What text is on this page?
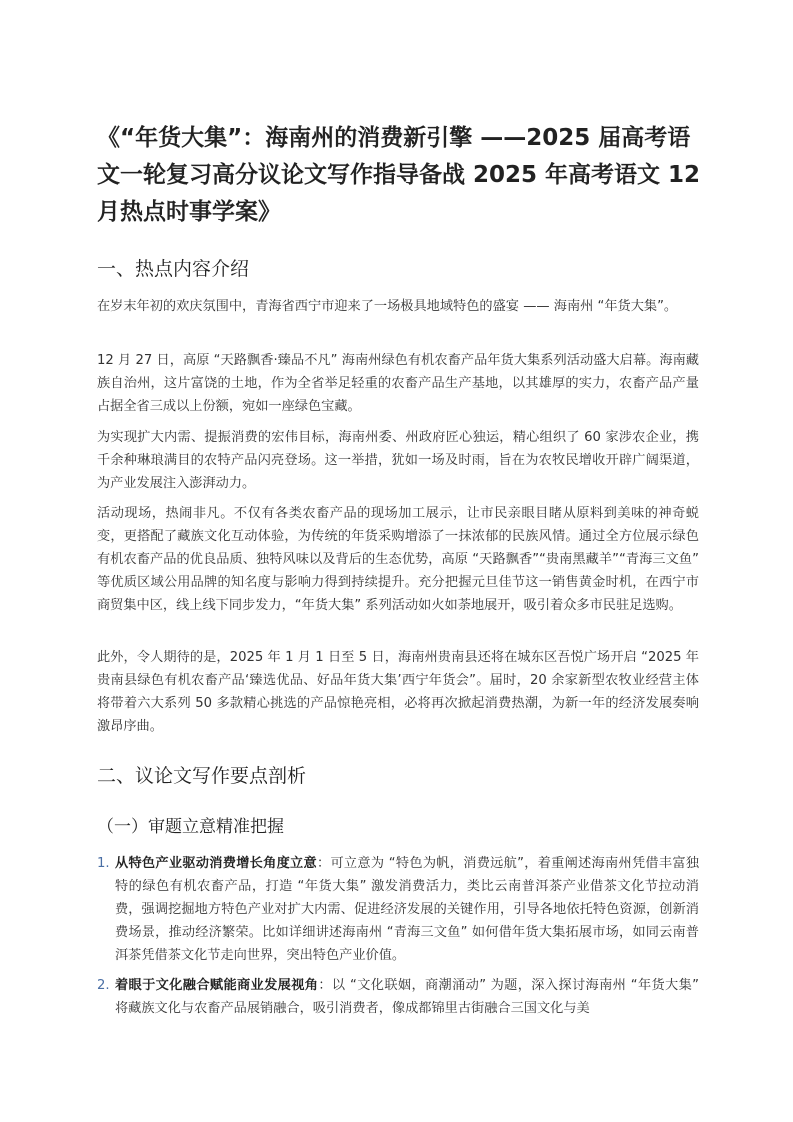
《“年货大集”：海南州的消费新引擎 ——2025 届高考语文一轮复习高分议论文写作指导备战 2025 年高考语文 12 月热点时事学案》
一、热点内容介绍

在岁末年初的欢庆氛围中，青海省西宁市迎来了一场极具地域特色的盛宴 —— 海南州 “年货大集”。

12 月 27 日，高原 “天路飘香·臻品不凡” 海南州绿色有机农畜产品年货大集系列活动盛大启幕。海南藏族自治州，这片富饶的土地，作为全省举足轻重的农畜产品生产基地，以其雄厚的实力，农畜产品产量占据全省三成以上份额，宛如一座绿色宝藏。

为实现扩大内需、提振消费的宏伟目标，海南州委、州政府匠心独运，精心组织了 60 家涉农企业，携千余种琳琅满目的农特产品闪亮登场。这一举措，犹如一场及时雨，旨在为农牧民增收开辟广阔渠道，为产业发展注入澎湃动力。

活动现场，热闹非凡。不仅有各类农畜产品的现场加工展示，让市民亲眼目睹从原料到美味的神奇蜕变，更搭配了藏族文化互动体验，为传统的年货采购增添了一抹浓郁的民族风情。通过全方位展示绿色有机农畜产品的优良品质、独特风味以及背后的生态优势，高原 “天路飘香”“贵南黑藏羊”“青海三文鱼” 等优质区域公用品牌的知名度与影响力得到持续提升。充分把握元旦佳节这一销售黄金时机，在西宁市商贸集中区，线上线下同步发力，“年货大集” 系列活动如火如荼地展开，吸引着众多市民驻足选购。

此外，令人期待的是，2025 年 1 月 1 日至 5 日，海南州贵南县还将在城东区吾悦广场开启 “2025 年贵南县绿色有机农畜产品‘臻选优品、好品年货大集’西宁年货会”。届时，20 余家新型农牧业经营主体将带着六大系列 50 多款精心挑选的产品惊艳亮相，必将再次掀起消费热潮，为新一年的经济发展奏响激昂序曲。

二、议论文写作要点剖析
（一）审题立意精准把握
1. 从特色产业驱动消费增长角度立意：可立意为 “特色为帆，消费远航”，着重阐述海南州凭借丰富独特的绿色有机农畜产品，打造 “年货大集” 激发消费活力，类比云南普洱茶产业借茶文化节拉动消费，强调挖掘地方特色产业对扩大内需、促进经济发展的关键作用，引导各地依托特色资源，创新消费场景，推动经济繁荣。比如详细讲述海南州 “青海三文鱼” 如何借年货大集拓展市场，如同云南普洱茶凭借茶文化节走向世界，突出特色产业价值。
2. 着眼于文化融合赋能商业发展视角：以 “文化联姻，商潮涌动” 为题，深入探讨海南州 “年货大集” 将藏族文化与农畜产品展销融合，吸引消费者，像成都锦里古街融合三国文化与美
